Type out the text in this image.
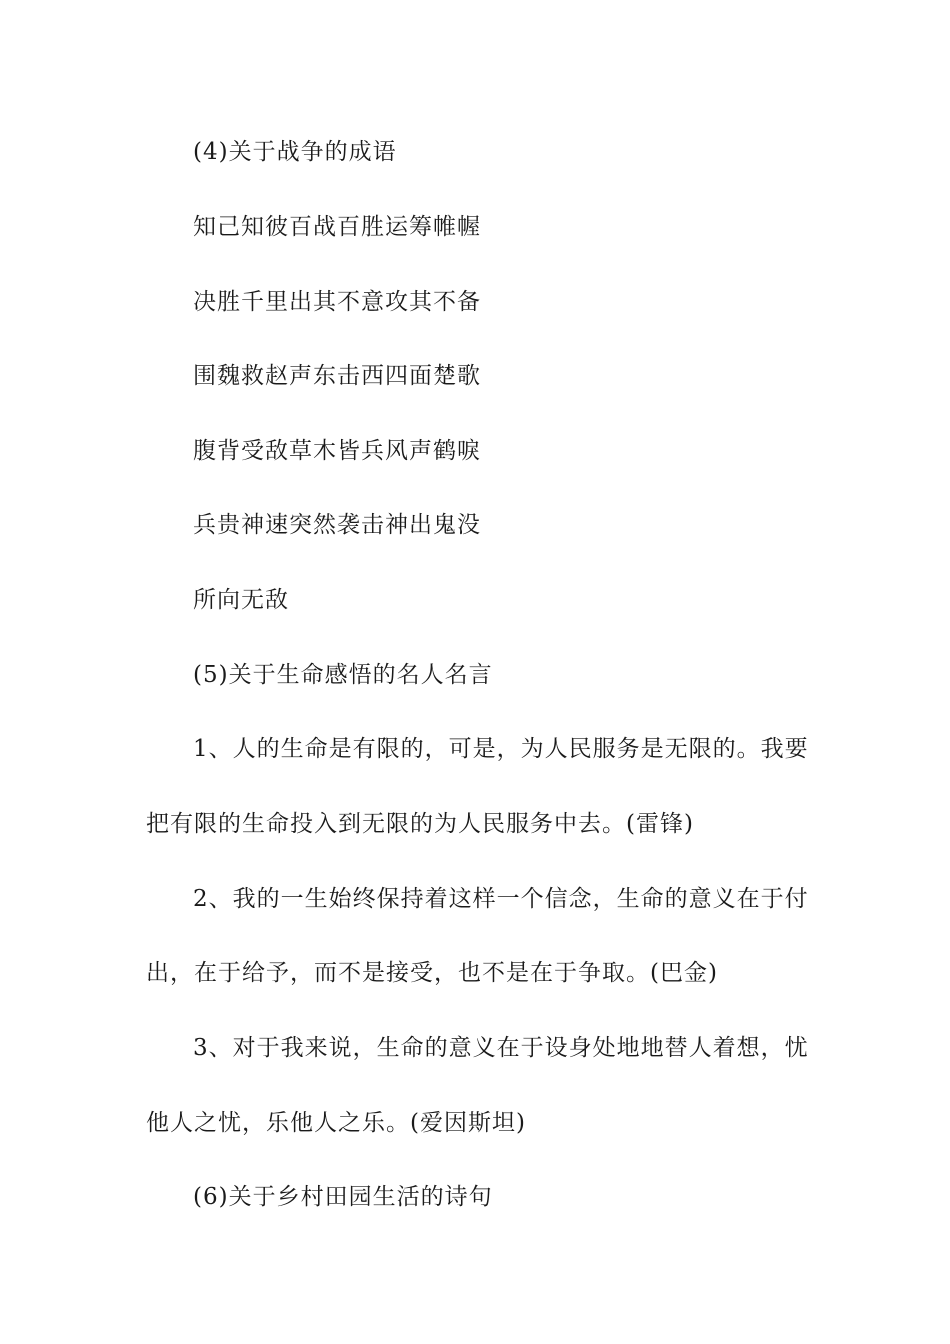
(4)关于战争的成语
知己知彼百战百胜运筹帷幄
决胜千里出其不意攻其不备
围魏救赵声东击西四面楚歌
腹背受敌草木皆兵风声鹤唳
兵贵神速突然袭击神出鬼没
所向无敌
(5)关于生命感悟的名人名言
1、人的生命是有限的，可是，为人民服务是无限的。我要
把有限的生命投入到无限的为人民服务中去。(雷锋)
2、我的一生始终保持着这样一个信念，生命的意义在于付
出，在于给予，而不是接受，也不是在于争取。(巴金)
3、对于我来说，生命的意义在于设身处地地替人着想，忧
他人之忧，乐他人之乐。(爱因斯坦)
(6)关于乡村田园生活的诗句
